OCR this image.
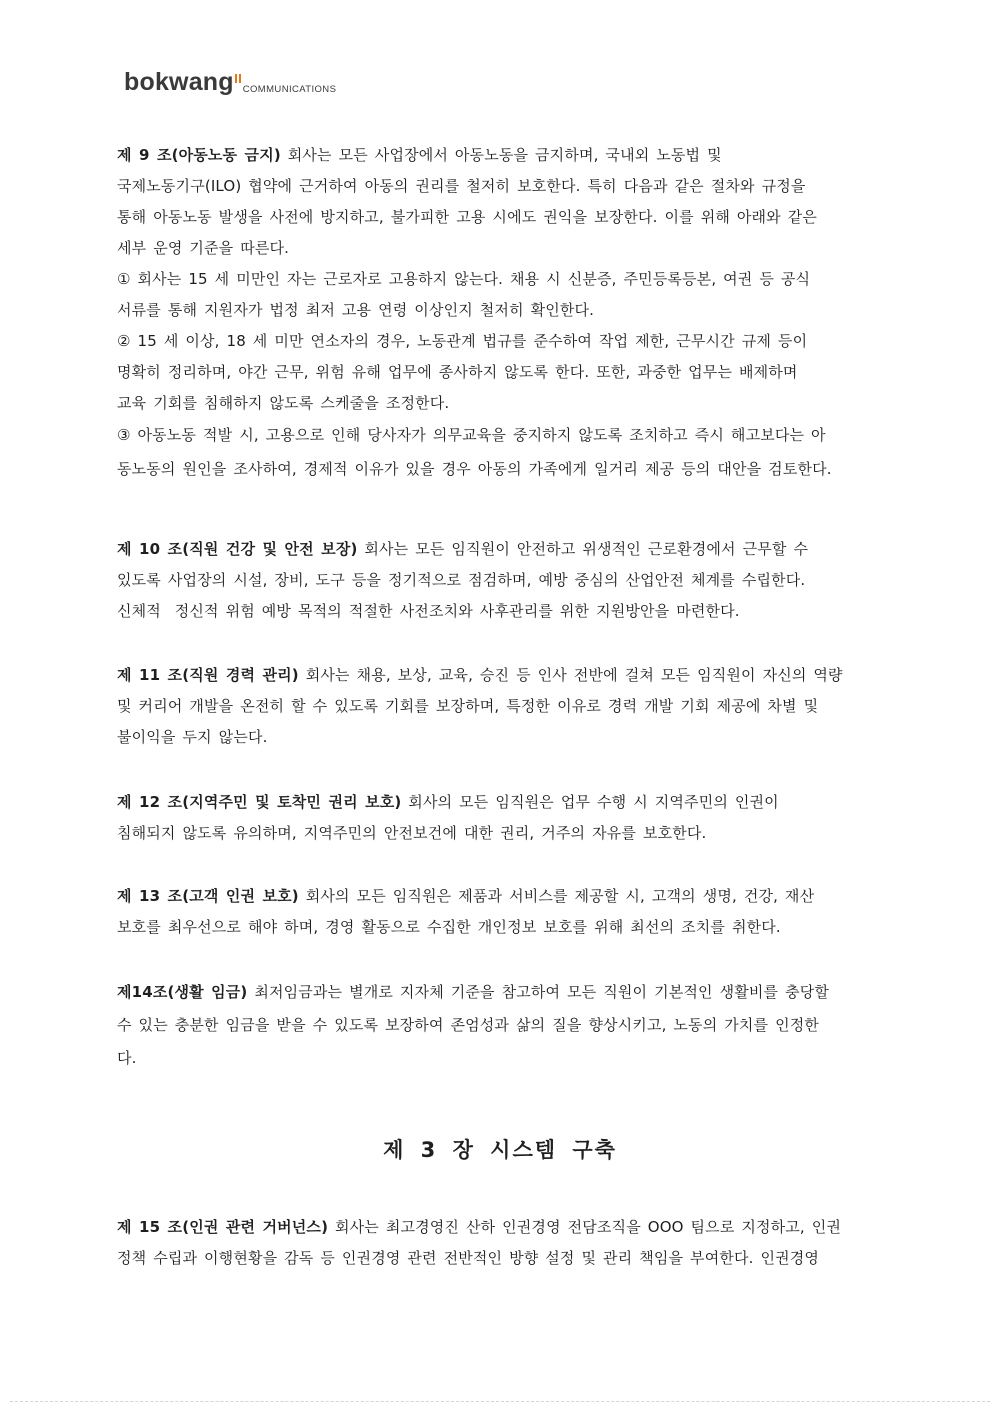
bokwang COMMUNICATIONS

제 9 조(아동노동 금지) 회사는 모든 사업장에서 아동노동을 금지하며, 국내외 노동법 및

국제노동기구(ILO) 협약에 근거하여 아동의 권리를 철저히 보호한다. 특히 다음과 같은 절차와 규정을

통해 아동노동 발생을 사전에 방지하고, 불가피한 고용 시에도 권익을 보장한다. 이를 위해 아래와 같은

세부 운영 기준을 따른다.

① 회사는 15 세 미만인 자는 근로자로 고용하지 않는다. 채용 시 신분증, 주민등록등본, 여권 등 공식

서류를 통해 지원자가 법정 최저 고용 연령 이상인지 철저히 확인한다.

② 15 세 이상, 18 세 미만 연소자의 경우, 노동관계 법규를 준수하여 작업 제한, 근무시간 규제 등이

명확히 정리하며, 야간 근무, 위험 유해 업무에 종사하지 않도록 한다. 또한, 과중한 업무는 배제하며

교육 기회를 침해하지 않도록 스케줄을 조정한다.

③ 아동노동 적발 시, 고용으로 인해 당사자가 의무교육을 중지하지 않도록 조치하고 즉시 해고보다는 아

동노동의 원인을 조사하여, 경제적 이유가 있을 경우 아동의 가족에게 일거리 제공 등의 대안을 검토한다.

제 10 조(직원 건강 및 안전 보장) 회사는 모든 임직원이 안전하고 위생적인 근로환경에서 근무할 수

있도록 사업장의 시설, 장비, 도구 등을 정기적으로 점검하며, 예방 중심의 산업안전 체계를 수립한다.

신체적  정신적 위험 예방 목적의 적절한 사전조치와 사후관리를 위한 지원방안을 마련한다.

제 11 조(직원 경력 관리) 회사는 채용, 보상, 교육, 승진 등 인사 전반에 걸쳐 모든 임직원이 자신의 역량

및 커리어 개발을 온전히 할 수 있도록 기회를 보장하며, 특정한 이유로 경력 개발 기회 제공에 차별 및

불이익을 두지 않는다.

제 12 조(지역주민 및 토착민 권리 보호) 회사의 모든 임직원은 업무 수행 시 지역주민의 인권이

침해되지 않도록 유의하며, 지역주민의 안전보건에 대한 권리, 거주의 자유를 보호한다.

제 13 조(고객 인권 보호) 회사의 모든 임직원은 제품과 서비스를 제공할 시, 고객의 생명, 건강, 재산

보호를 최우선으로 해야 하며, 경영 활동으로 수집한 개인정보 보호를 위해 최선의 조치를 취한다.

제14조(생활 임금) 최저임금과는 별개로 지자체 기준을 참고하여 모든 직원이 기본적인 생활비를 충당할

수 있는 충분한 임금을 받을 수 있도록 보장하여 존엄성과 삶의 질을 향상시키고, 노동의 가치를 인정한

다.

제 3 장 시스템 구축

제 15 조(인권 관련 거버넌스) 회사는 최고경영진 산하 인권경영 전담조직을 OOO 팀으로 지정하고, 인권

정책 수립과 이행현황을 감독 등 인권경영 관련 전반적인 방향 설정 및 관리 책임을 부여한다. 인권경영
